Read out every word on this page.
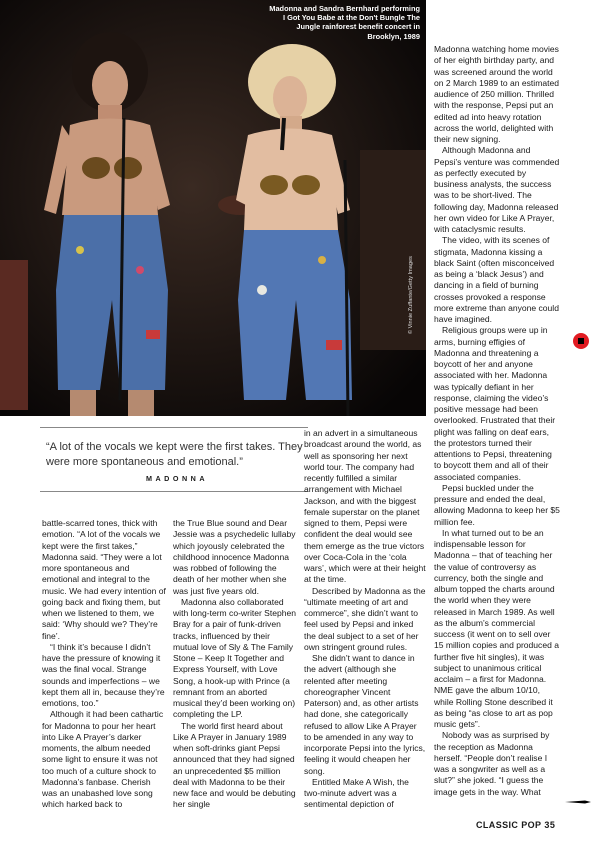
Madonna and Sandra Bernhard performing I Got You Babe at the Don't Bungle The Jungle rainforest benefit concert in Brooklyn, 1989
© Vinnie Zuffante/Getty Images
“A lot of the vocals we kept were the first takes. They were more spontaneous and emotional.”
MADONNA

battle-scarred tones, thick with emotion. “A lot of the vocals we kept were the first takes,” Madonna said. “They were a lot more spontaneous and emotional and integral to the music. We had every intention of going back and fixing them, but when we listened to them, we said: ‘Why should we? They’re fine’.

“I think it’s because I didn’t have the pressure of knowing it was the final vocal. Strange sounds and imperfections – we kept them all in, because they’re emotions, too.”

Although it had been cathartic for Madonna to pour her heart into Like A Prayer’s darker moments, the album needed some light to ensure it was not too much of a culture shock to Madonna’s fanbase. Cherish was an unabashed love song which harked back to

the True Blue sound and Dear Jessie was a psychedelic lullaby which joyously celebrated the childhood innocence Madonna was robbed of following the death of her mother when she was just five years old.

Madonna also collaborated with long-term co-writer Stephen Bray for a pair of funk-driven tracks, influenced by their mutual love of Sly & The Family Stone – Keep It Together and Express Yourself, with Love Song, a hook-up with Prince (a remnant from an aborted musical they’d been working on) completing the LP.

The world first heard about Like A Prayer in January 1989 when soft-drinks giant Pepsi announced that they had signed an unprecedented $5 million deal with Madonna to be their new face and would be debuting her single

in an advert in a simultaneous broadcast around the world, as well as sponsoring her next world tour. The company had recently fulfilled a similar arrangement with Michael Jackson, and with the biggest female superstar on the planet signed to them, Pepsi were confident the deal would see them emerge as the true victors over Coca-Cola in the ‘cola wars’, which were at their height at the time.

Described by Madonna as the “ultimate meeting of art and commerce”, she didn’t want to feel used by Pepsi and inked the deal subject to a set of her own stringent ground rules.

She didn’t want to dance in the advert (although she relented after meeting choreographer Vincent Paterson) and, as other artists had done, she categorically refused to allow Like A Prayer to be amended in any way to incorporate Pepsi into the lyrics, feeling it would cheapen her song.

Entitled Make A Wish, the two-minute advert was a sentimental depiction of

Madonna watching home movies of her eighth birthday party, and was screened around the world on 2 March 1989 to an estimated audience of 250 million. Thrilled with the response, Pepsi put an edited ad into heavy rotation across the world, delighted with their new signing.

Although Madonna and Pepsi’s venture was commended as perfectly executed by business analysts, the success was to be short-lived. The following day, Madonna released her own video for Like A Prayer, with cataclysmic results.

The video, with its scenes of stigmata, Madonna kissing a black Saint (often misconceived as being a ‘black Jesus’) and dancing in a field of burning crosses provoked a response more extreme than anyone could have imagined.

Religious groups were up in arms, burning effigies of Madonna and threatening a boycott of her and anyone associated with her. Madonna was typically defiant in her response, claiming the video’s positive message had been overlooked. Frustrated that their plight was falling on deaf ears, the protestors turned their attentions to Pepsi, threatening to boycott them and all of their associated companies.

Pepsi buckled under the pressure and ended the deal, allowing Madonna to keep her $5 million fee.

In what turned out to be an indispensable lesson for Madonna – that of teaching her the value of controversy as currency, both the single and album topped the charts around the world when they were released in March 1989. As well as the album’s commercial success (it went on to sell over 15 million copies and produced a further five hit singles), it was subject to unanimous critical acclaim – a first for Madonna. NME gave the album 10/10, while Rolling Stone described it as being “as close to art as pop music gets”.

Nobody was as surprised by the reception as Madonna herself. “People don’t realise I was a songwriter as well as a slut?” she joked. “I guess the image gets in the way. What

CLASSIC POP 35
